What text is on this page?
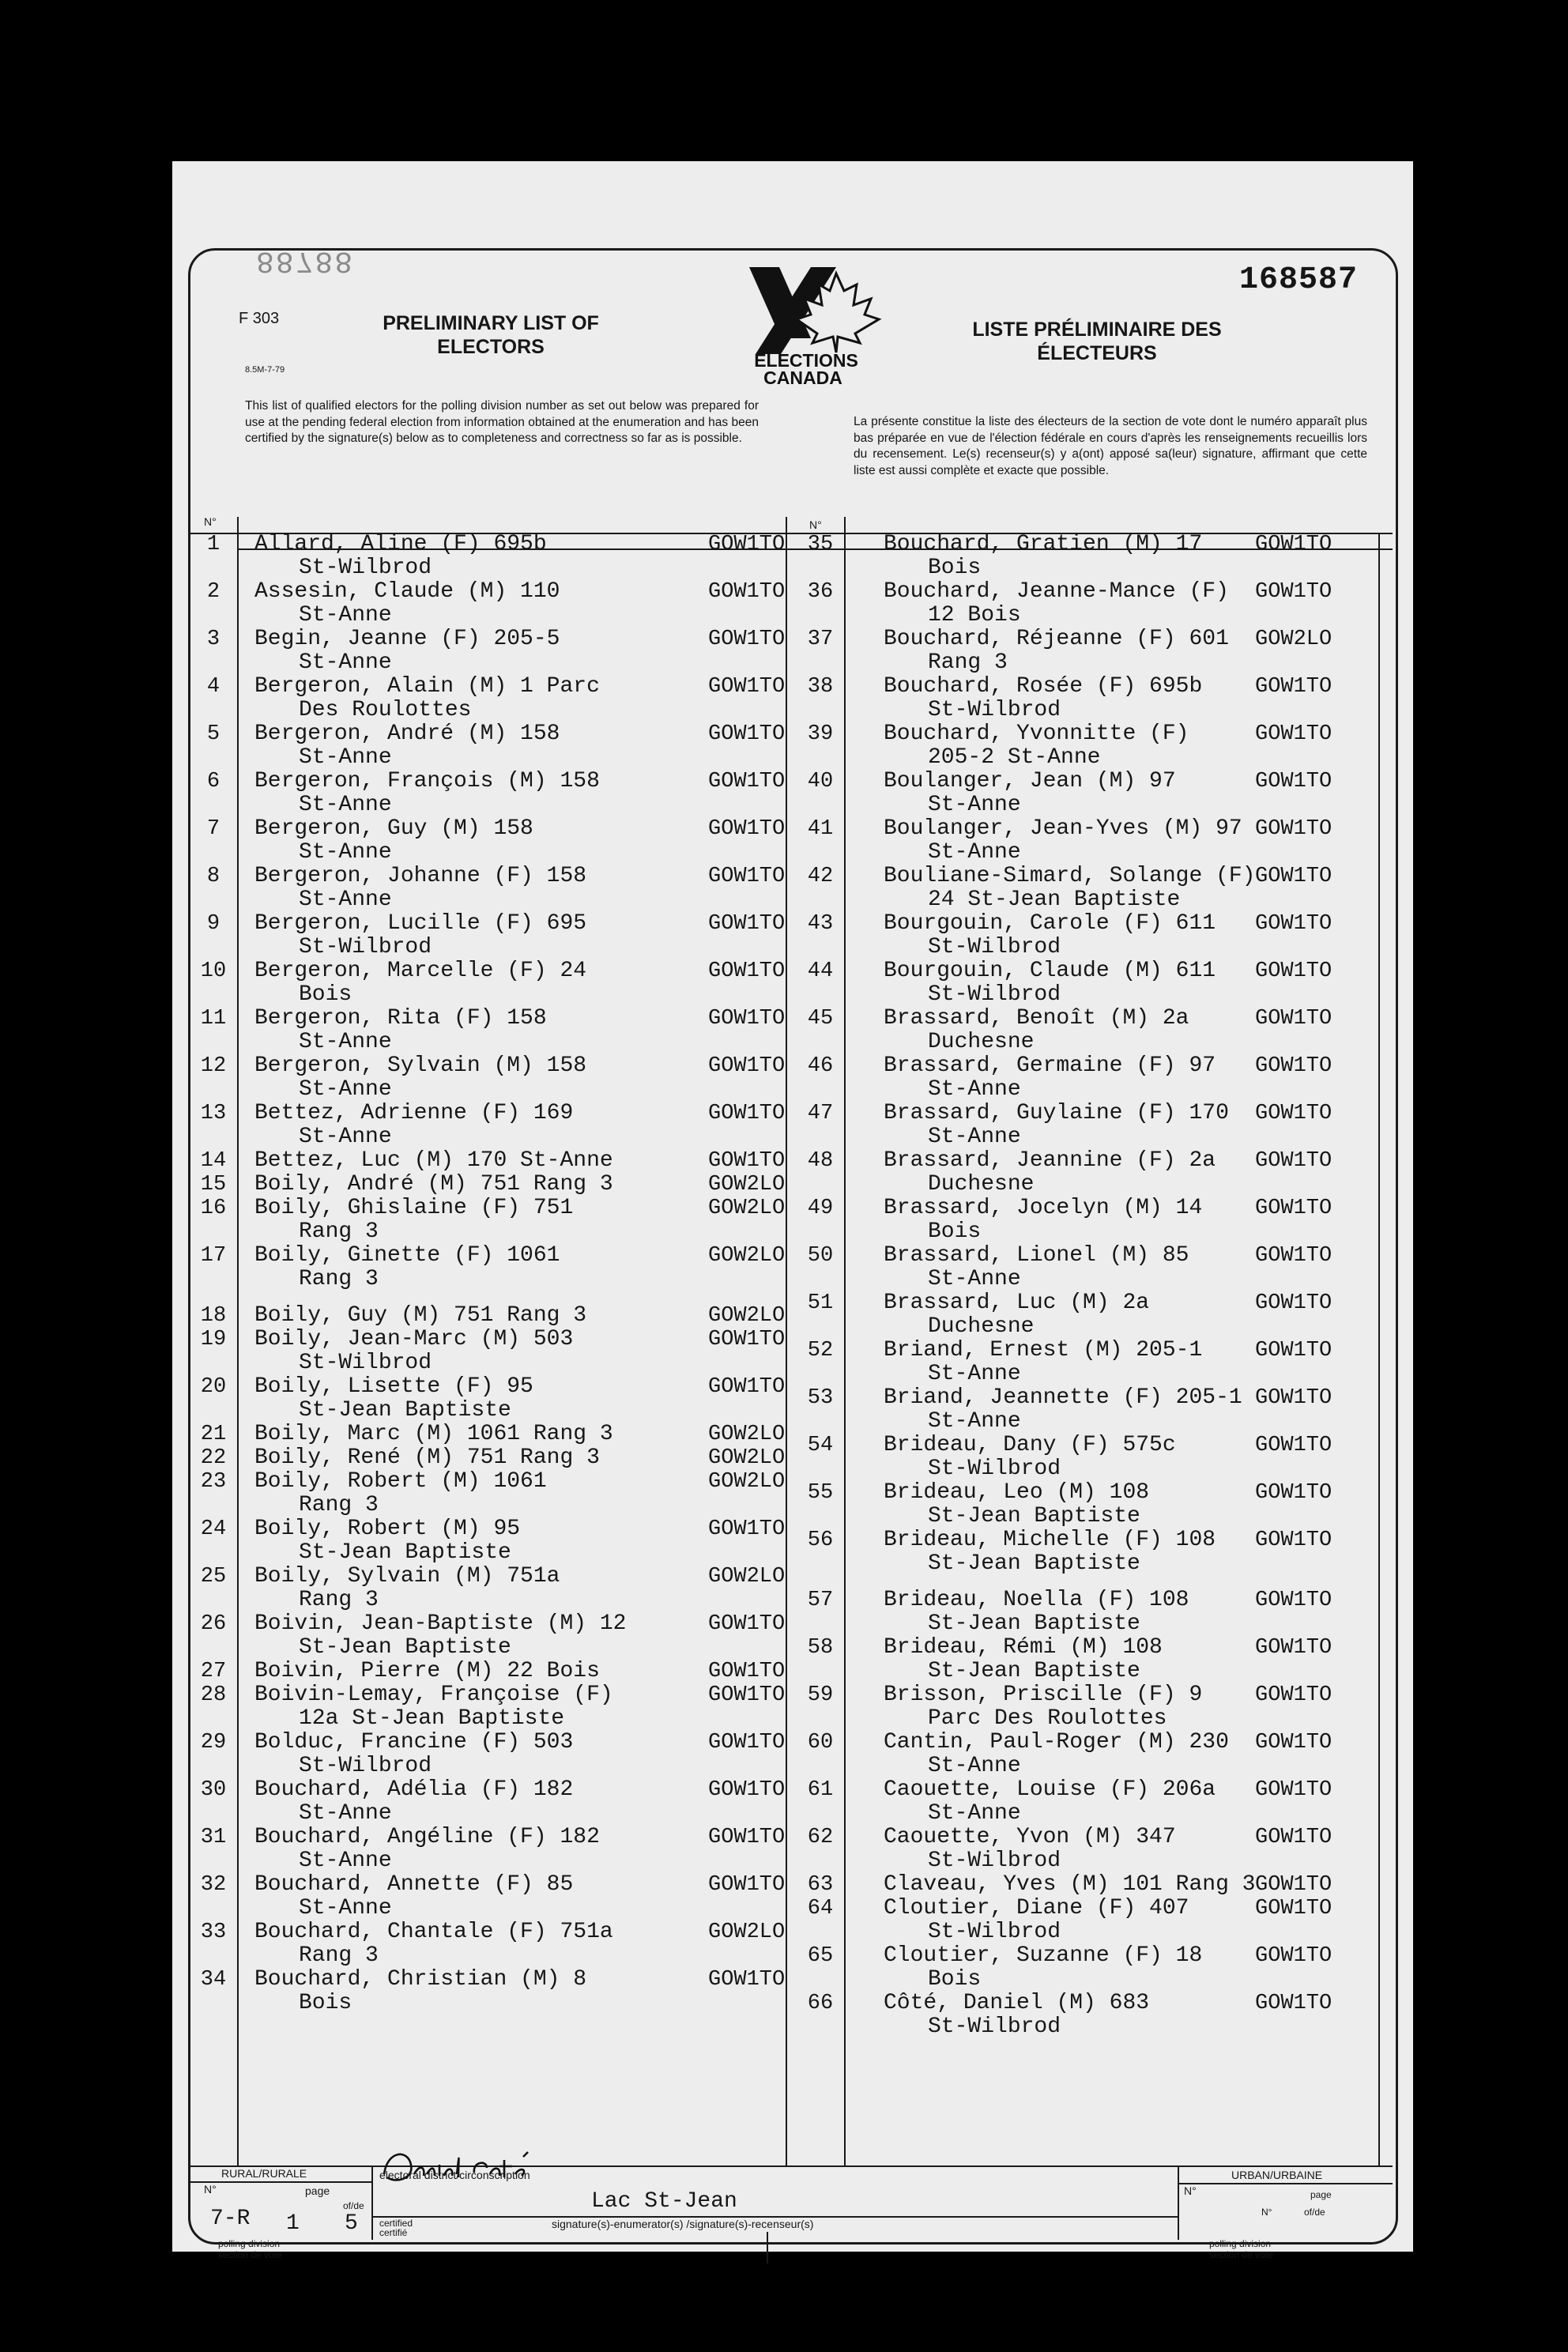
88788
168587
F 303
8.5M-7-79
PRELIMINARY LIST OF ELECTORS
LISTE PRÉLIMINAIRE DES ÉLECTEURS
ELECTIONS
CANADA
This list of qualified electors for the polling division number as set out below was prepared for use at the pending federal election from information obtained at the enumeration and has been certified by the signature(s) below as to completeness and correctness so far as is possible.
La présente constitue la liste des électeurs de la section de vote dont le numéro apparaît plus bas préparée en vue de l'élection fédérale en cours d'après les renseignements recueillis lors du recensement. Le(s) recenseur(s) y a(ont) apposé sa(leur) signature, affirmant que cette liste est aussi complète et exacte que possible.
N°	N°
1	Allard, Aline (F) 695b
St-Wilbrod
GOW1TO
2	Assesin, Claude (M) 110
St-Anne
GOW1TO
3	Begin, Jeanne (F) 205-5
St-Anne
GOW1TO
4	Bergeron, Alain (M) 1 Parc
Des Roulottes
GOW1TO
5	Bergeron, André (M) 158
St-Anne
GOW1TO
6	Bergeron, François (M) 158
St-Anne
GOW1TO
7	Bergeron, Guy (M) 158
St-Anne
GOW1TO
8	Bergeron, Johanne (F) 158
St-Anne
GOW1TO
9	Bergeron, Lucille (F) 695
St-Wilbrod
GOW1TO
10	Bergeron, Marcelle (F) 24
Bois
GOW1TO
11	Bergeron, Rita (F) 158
St-Anne
GOW1TO
12	Bergeron, Sylvain (M) 158
St-Anne
GOW1TO
13	Bettez, Adrienne (F) 169
St-Anne
GOW1TO
14	Bettez, Luc (M) 170 St-Anne	GOW1TO
15	Boily, André (M) 751 Rang 3	GOW2LO
16	Boily, Ghislaine (F) 751
Rang 3
GOW2LO
17	Boily, Ginette (F) 1061
Rang 3
GOW2LO
18	Boily, Guy (M) 751 Rang 3	GOW2LO
19	Boily, Jean-Marc (M) 503
St-Wilbrod
GOW1TO
20	Boily, Lisette (F) 95
St-Jean Baptiste
GOW1TO
21	Boily, Marc (M) 1061 Rang 3	GOW2LO
22	Boily, René (M) 751 Rang 3	GOW2LO
23	Boily, Robert (M) 1061
Rang 3
GOW2LO
24	Boily, Robert (M) 95
St-Jean Baptiste
GOW1TO
25	Boily, Sylvain (M) 751a
Rang 3
GOW2LO
26	Boivin, Jean-Baptiste (M) 12
St-Jean Baptiste
GOW1TO
27	Boivin, Pierre (M) 22 Bois	GOW1TO
28	Boivin-Lemay, Françoise (F)
12a St-Jean Baptiste
GOW1TO
29	Bolduc, Francine (F) 503
St-Wilbrod
GOW1TO
30	Bouchard, Adélia (F) 182
St-Anne
GOW1TO
31	Bouchard, Angéline (F) 182
St-Anne
GOW1TO
32	Bouchard, Annette (F) 85
St-Anne
GOW1TO
33	Bouchard, Chantale (F) 751a
Rang 3
GOW2LO
34	Bouchard, Christian (M) 8
Bois
GOW1TO
35	Bouchard, Gratien (M) 17
Bois
GOW1TO
36	Bouchard, Jeanne-Mance (F)
12 Bois
GOW1TO
37	Bouchard, Réjeanne (F) 601
Rang 3
GOW2LO
38	Bouchard, Rosée (F) 695b
St-Wilbrod
GOW1TO
39	Bouchard, Yvonnitte (F)
205-2 St-Anne
GOW1TO
40	Boulanger, Jean (M) 97
St-Anne
GOW1TO
41	Boulanger, Jean-Yves (M) 97
St-Anne
GOW1TO
42	Bouliane-Simard, Solange (F)
24 St-Jean Baptiste
GOW1TO
43	Bourgouin, Carole (F) 611
St-Wilbrod
GOW1TO
44	Bourgouin, Claude (M) 611
St-Wilbrod
GOW1TO
45	Brassard, Benoît (M) 2a
Duchesne
GOW1TO
46	Brassard, Germaine (F) 97
St-Anne
GOW1TO
47	Brassard, Guylaine (F) 170
St-Anne
GOW1TO
48	Brassard, Jeannine (F) 2a
Duchesne
GOW1TO
49	Brassard, Jocelyn (M) 14
Bois
GOW1TO
50	Brassard, Lionel (M) 85
St-Anne
GOW1TO
51	Brassard, Luc (M) 2a
Duchesne
GOW1TO
52	Briand, Ernest (M) 205-1
St-Anne
GOW1TO
53	Briand, Jeannette (F) 205-1
St-Anne
GOW1TO
54	Brideau, Dany (F) 575c
St-Wilbrod
GOW1TO
55	Brideau, Leo (M) 108
St-Jean Baptiste
GOW1TO
56	Brideau, Michelle (F) 108
St-Jean Baptiste
GOW1TO
57	Brideau, Noella (F) 108
St-Jean Baptiste
GOW1TO
58	Brideau, Rémi (M) 108
St-Jean Baptiste
GOW1TO
59	Brisson, Priscille (F) 9
Parc Des Roulottes
GOW1TO
60	Cantin, Paul-Roger (M) 230
St-Anne
GOW1TO
61	Caouette, Louise (F) 206a
St-Anne
GOW1TO
62	Caouette, Yvon (M) 347
St-Wilbrod
GOW1TO
63	Claveau, Yves (M) 101 Rang 3 GOW1TO
64	Cloutier, Diane (F) 407
St-Wilbrod
GOW1TO
65	Cloutier, Suzanne (F) 18
Bois
GOW1TO
66	Côté, Daniel (M) 683
St-Wilbrod
GOW1TO
RURAL/RURALE
N°	page
of/de
7-R 1 5
polling division
section de vote
electoral district/circonscription
Lac St-Jean
certified
certifié
signature(s)-enumerator(s) /signature(s)-recenseur(s)
URBAN/URBAINE
N°	page
N°	of/de
polling division
section de vote
